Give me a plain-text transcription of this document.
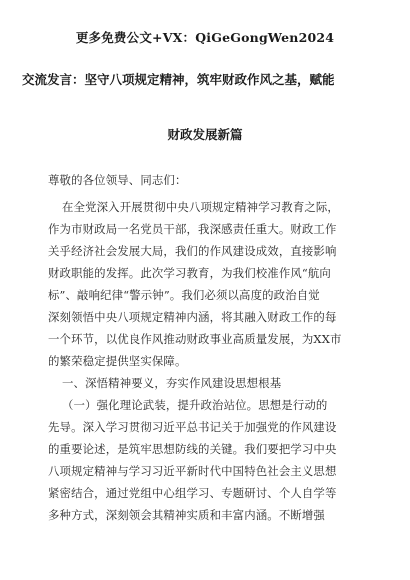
更多免费公文+VX：QiGeGongWen2024
交流发言：坚守八项规定精神，筑牢财政作风之基，赋能
财政发展新篇
尊敬的各位领导、同志们：
在全党深入开展贯彻中央八项规定精神学习教育之际，
作为市财政局一名党员干部，我深感责任重大。财政工作
关乎经济社会发展大局，我们的作风建设成效，直接影响
财政职能的发挥。此次学习教育，为我们校准作风“航向
标”、敲响纪律“警示钟”。我们必须以高度的政治自觉
深刻领悟中央八项规定精神内涵，将其融入财政工作的每
一个环节，以优良作风推动财政事业高质量发展，为XX市
的繁荣稳定提供坚实保障。
一、深悟精神要义，夯实作风建设思想根基
（一）强化理论武装，提升政治站位。思想是行动的
先导。深入学习贯彻习近平总书记关于加强党的作风建设
的重要论述，是筑牢思想防线的关键。我们要把学习中央
八项规定精神与学习习近平新时代中国特色社会主义思想
紧密结合，通过党组中心组学习、专题研讨、个人自学等
多种方式，深刻领会其精神实质和丰富内涵。不断增强
